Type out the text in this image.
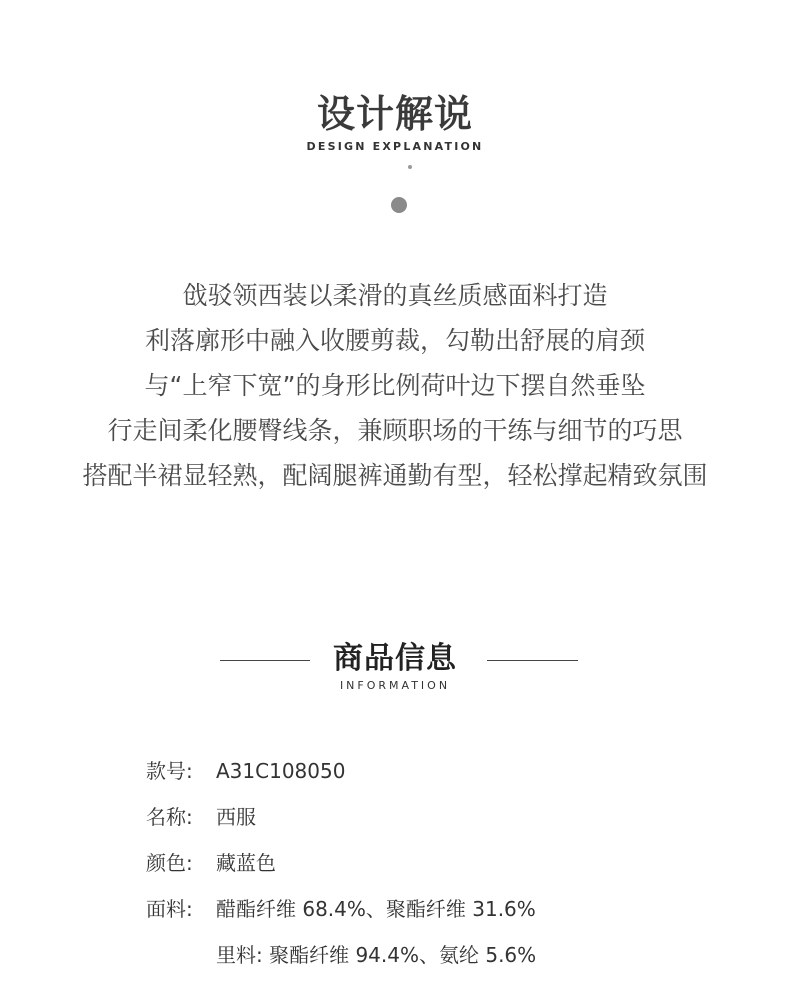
设计解说
DESIGN EXPLANATION
戗驳领西装以柔滑的真丝质感面料打造
利落廓形中融入收腰剪裁，勾勒出舒展的肩颈
与“上窄下宽”的身形比例荷叶边下摆自然垂坠
行走间柔化腰臀线条，兼顾职场的干练与细节的巧思
搭配半裙显轻熟，配阔腿裤通勤有型，轻松撑起精致氛围
商品信息
INFORMATION
款号: A31C108050
名称: 西服
颜色: 藏蓝色
面料: 醋酯纤维 68.4%、聚酯纤维 31.6%
里料: 聚酯纤维 94.4%、氨纶 5.6%
